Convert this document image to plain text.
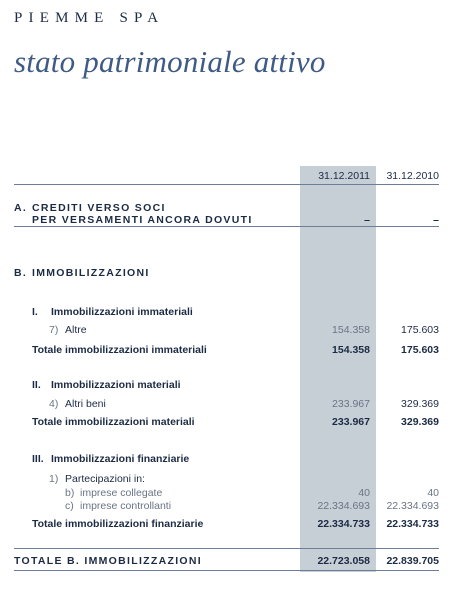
PIEMME SPA
stato patrimoniale attivo
31.12.2011	31.12.2010
A. CREDITI VERSO SOCI
PER VERSAMENTI ANCORA DOVUTI	–	–
B. IMMOBILIZZAZIONI
I. Immobilizzazioni immateriali
7) Altre	154.358	175.603
Totale immobilizzazioni immateriali	154.358	175.603
II. Immobilizzazioni materiali
4) Altri beni	233.967	329.369
Totale immobilizzazioni materiali	233.967	329.369
III. Immobilizzazioni finanziarie
1) Partecipazioni in:
b) imprese collegate	40	40
c) imprese controllanti	22.334.693	22.334.693
Totale immobilizzazioni finanziarie	22.334.733	22.334.733
TOTALE B. IMMOBILIZZAZIONI	22.723.058	22.839.705
